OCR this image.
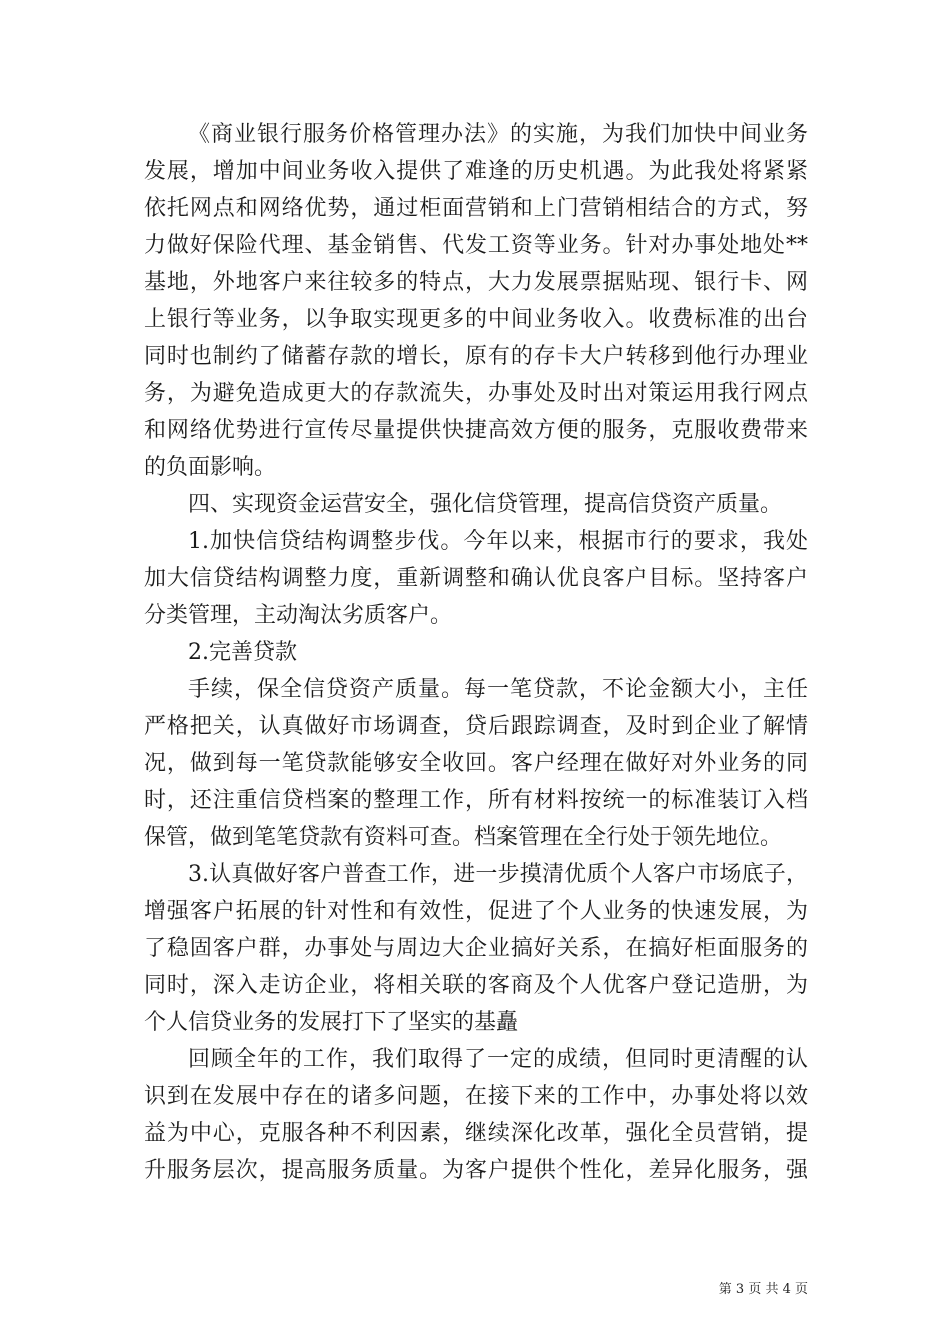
《商业银行服务价格管理办法》的实施，为我们加快中间业务
发展，增加中间业务收入提供了难逢的历史机遇。为此我处将紧紧
依托网点和网络优势，通过柜面营销和上门营销相结合的方式，努
力做好保险代理、基金销售、代发工资等业务。针对办事处地处**
基地，外地客户来往较多的特点，大力发展票据贴现、银行卡、网
上银行等业务，以争取实现更多的中间业务收入。收费标准的出台
同时也制约了储蓄存款的增长，原有的存卡大户转移到他行办理业
务，为避免造成更大的存款流失，办事处及时出对策运用我行网点
和网络优势进行宣传尽量提供快捷高效方便的服务，克服收费带来
的负面影响。
四、实现资金运营安全，强化信贷管理，提高信贷资产质量。
1.加快信贷结构调整步伐。今年以来，根据市行的要求，我处
加大信贷结构调整力度，重新调整和确认优良客户目标。坚持客户
分类管理，主动淘汰劣质客户。
2.完善贷款
手续，保全信贷资产质量。每一笔贷款，不论金额大小，主任
严格把关，认真做好市场调查，贷后跟踪调查，及时到企业了解情
况，做到每一笔贷款能够安全收回。客户经理在做好对外业务的同
时，还注重信贷档案的整理工作，所有材料按统一的标准装订入档
保管，做到笔笔贷款有资料可查。档案管理在全行处于领先地位。
3.认真做好客户普查工作，进一步摸清优质个人客户市场底子，
增强客户拓展的针对性和有效性，促进了个人业务的快速发展，为
了稳固客户群，办事处与周边大企业搞好关系，在搞好柜面服务的
同时，深入走访企业，将相关联的客商及个人优客户登记造册，为
个人信贷业务的发展打下了坚实的基矗
回顾全年的工作，我们取得了一定的成绩，但同时更清醒的认
识到在发展中存在的诸多问题，在接下来的工作中，办事处将以效
益为中心，克服各种不利因素，继续深化改革，强化全员营销，提
升服务层次，提高服务质量。为客户提供个性化，差异化服务，强
第 3 页 共 4 页
